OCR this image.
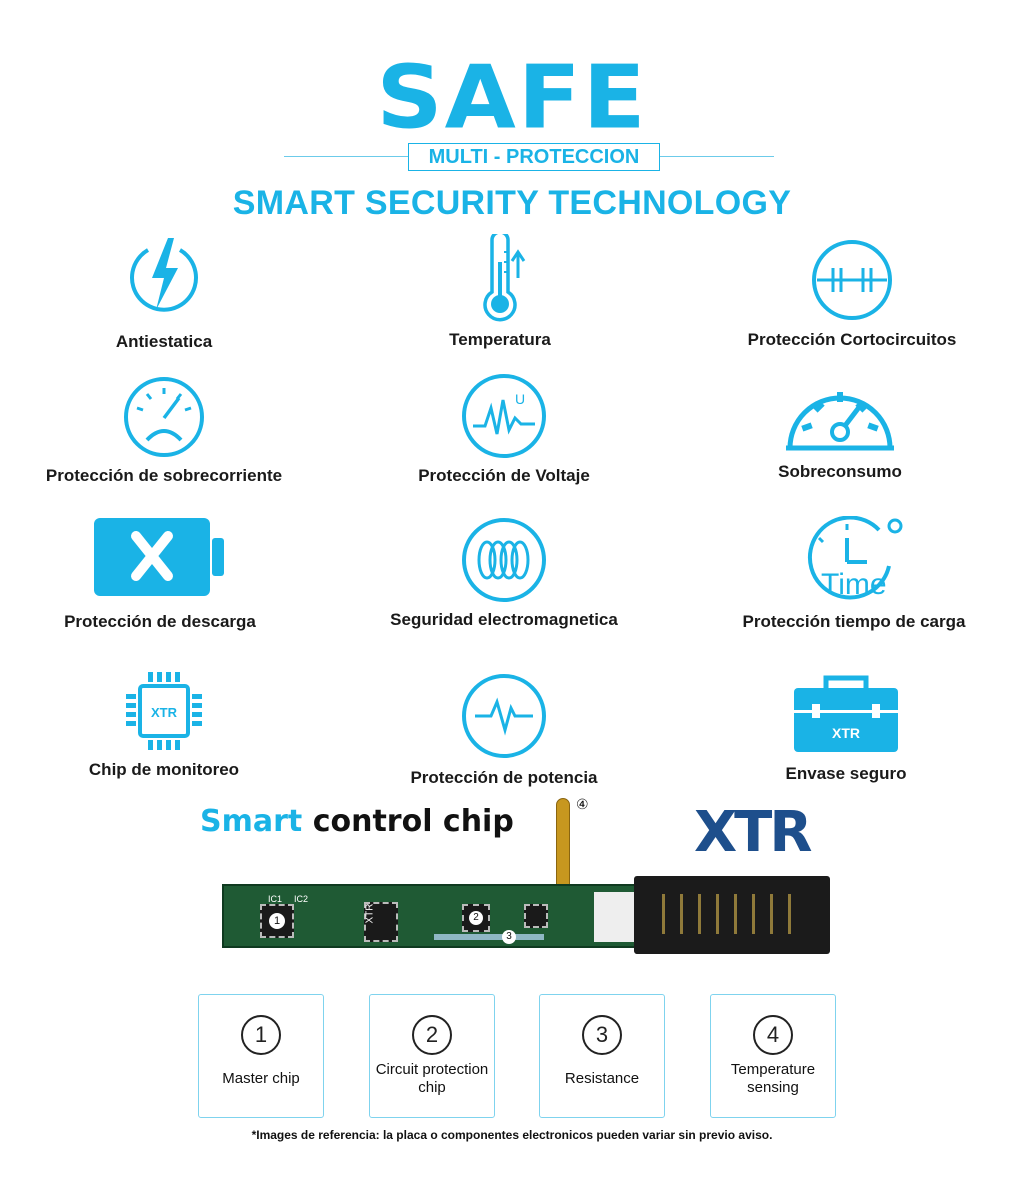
SAFE
MULTI - PROTECCION
SMART SECURITY TECHNOLOGY
Antiestatica	Temperatura	Protección Cortocircuitos
Protección de sobrecorriente
U
Protección de Voltaje	Sobreconsumo
Protección de descarga	Seguridad electromagnetica
Time
Protección tiempo de carga
XTR
Chip de monitoreo	Protección de potencia
XTR
Envase seguro
Smart control chip	XTR
④
IC1 IC2
1	XTR	2
3
1
Master chip
2
Circuit protection chip
3
Resistance
4
Temperature sensing
*Images de referencia: la placa o componentes electronicos pueden variar sin previo aviso.
